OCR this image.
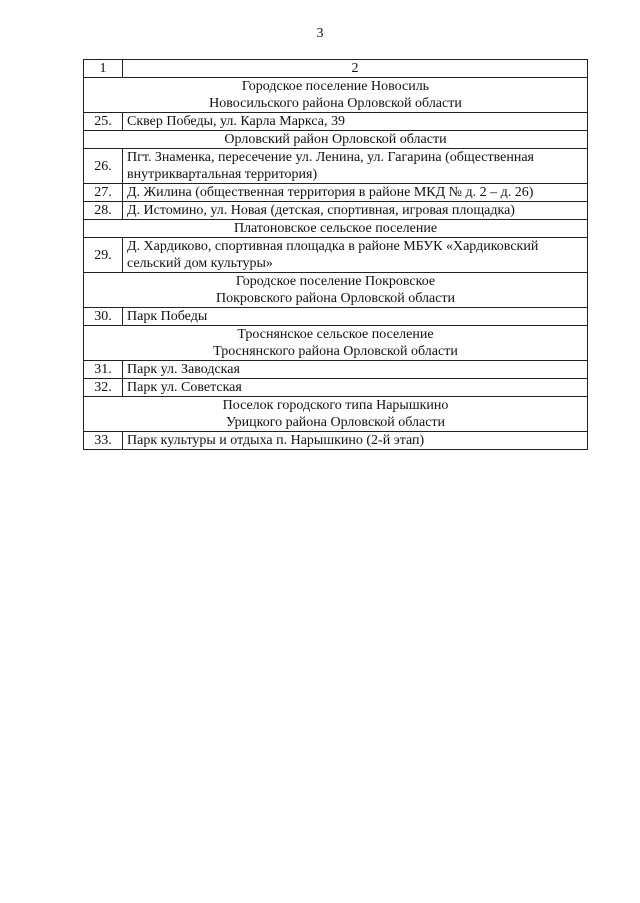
3
1	2

Городское поселение Новосиль
Новосильского района Орловской области	

25.	Сквер Победы, ул. Карла Маркса, 39

Орловский район Орловской области	

26.	Пгт. Знаменка, пересечение ул. Ленина, ул. Гагарина (общественная внутриквартальная территория)
27.	Д. Жилина (общественная территория в районе МКД № д. 2 – д. 26)
28.	Д. Истомино, ул. Новая (детская, спортивная, игровая площадка)

Платоновское сельское поселение	

29.	Д. Хардиково, спортивная площадка в районе МБУК «Хардиковский сельский дом культуры»

Городское поселение Покровское
Покровского района Орловской области	

30.	Парк Победы

Троснянское сельское поселение
Троснянского района Орловской области	

31.	Парк ул. Заводская
32.	Парк ул. Советская

Поселок городского типа Нарышкино
Урицкого района Орловской области	

33.	Парк культуры и отдыха п. Нарышкино (2-й этап)
